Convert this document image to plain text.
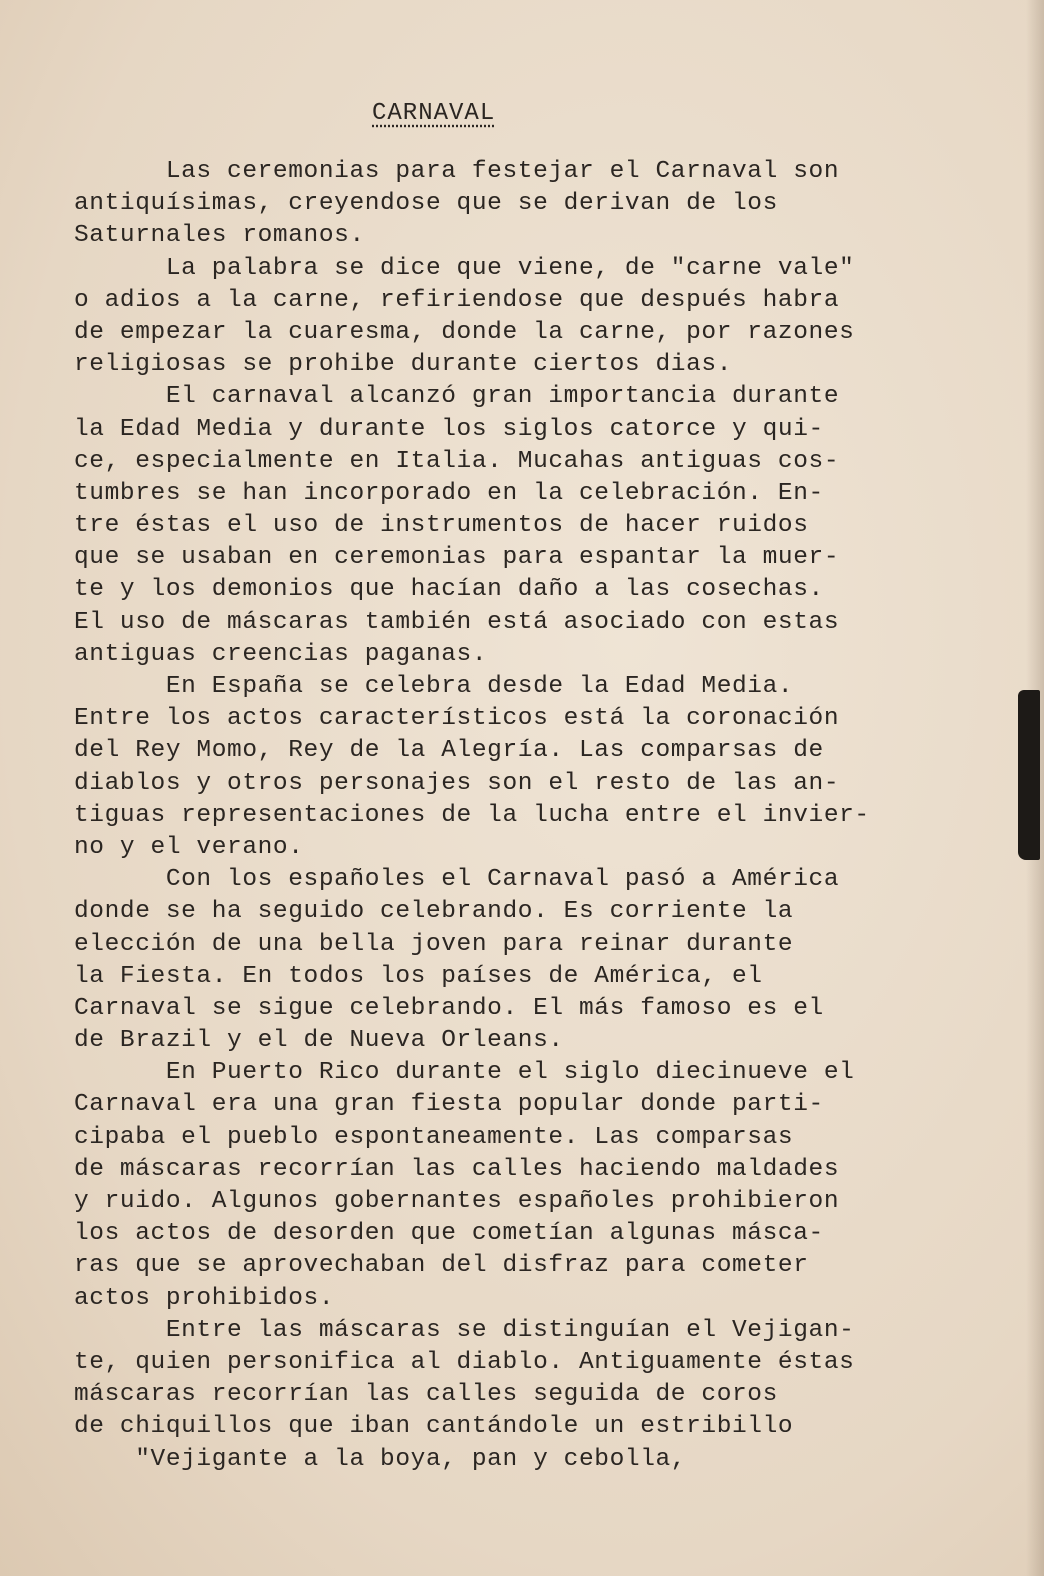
CARNAVAL
Las ceremonias para festejar el Carnaval son
antiquísimas, creyendose que se derivan de los
Saturnales romanos.
La palabra se dice que viene, de "carne vale"
o adios a la carne, refiriendose que después habra
de empezar la cuaresma, donde la carne, por razones
religiosas se prohibe durante ciertos dias.
El carnaval alcanzó gran importancia durante
la Edad Media y durante los siglos catorce y qui-
ce, especialmente en Italia. Mucahas antiguas cos-
tumbres se han incorporado en la celebración. En-
tre éstas el uso de instrumentos de hacer ruidos
que se usaban en ceremonias para espantar la muer-
te y los demonios que hacían daño a las cosechas.
El uso de máscaras también está asociado con estas
antiguas creencias paganas.
En España se celebra desde la Edad Media.
Entre los actos característicos está la coronación
del Rey Momo, Rey de la Alegría. Las comparsas de
diablos y otros personajes son el resto de las an-
tiguas representaciones de la lucha entre el invier-
no y el verano.
Con los españoles el Carnaval pasó a América
donde se ha seguido celebrando. Es corriente la
elección de una bella joven para reinar durante
la Fiesta. En todos los países de América, el
Carnaval se sigue celebrando. El más famoso es el
de Brazil y el de Nueva Orleans.
En Puerto Rico durante el siglo diecinueve el
Carnaval era una gran fiesta popular donde parti-
cipaba el pueblo espontaneamente. Las comparsas
de máscaras recorrían las calles haciendo maldades
y ruido. Algunos gobernantes españoles prohibieron
los actos de desorden que cometían algunas másca-
ras que se aprovechaban del disfraz para cometer
actos prohibidos.
Entre las máscaras se distinguían el Vejigan-
te, quien personifica al diablo. Antiguamente éstas
máscaras recorrían las calles seguida de coros
de chiquillos que iban cantándole un estribillo
"Vejigante a la boya, pan y cebolla,
